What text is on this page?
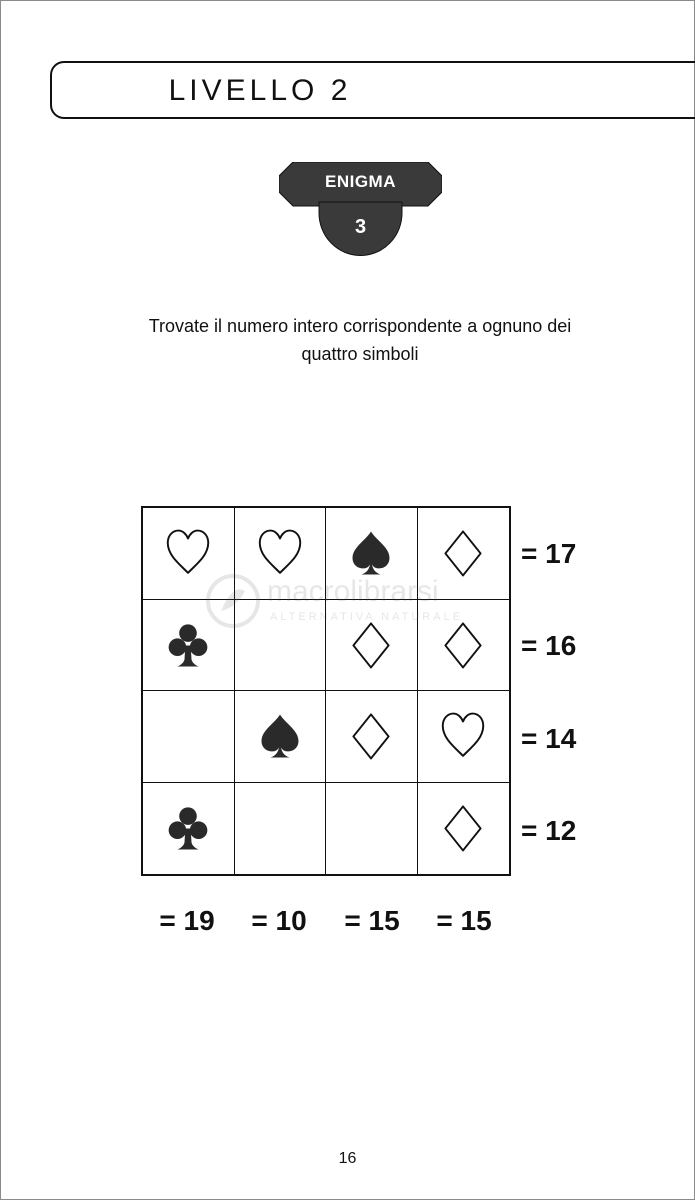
LIVELLO 2
ENIGMA
3
Trovate il numero intero corrispondente a ognuno dei
quattro simboli
macrolibrarsi
ALTERNATIVA NATURALE
= 17
= 16
= 14
= 12
= 19	= 10	= 15	= 15
16
